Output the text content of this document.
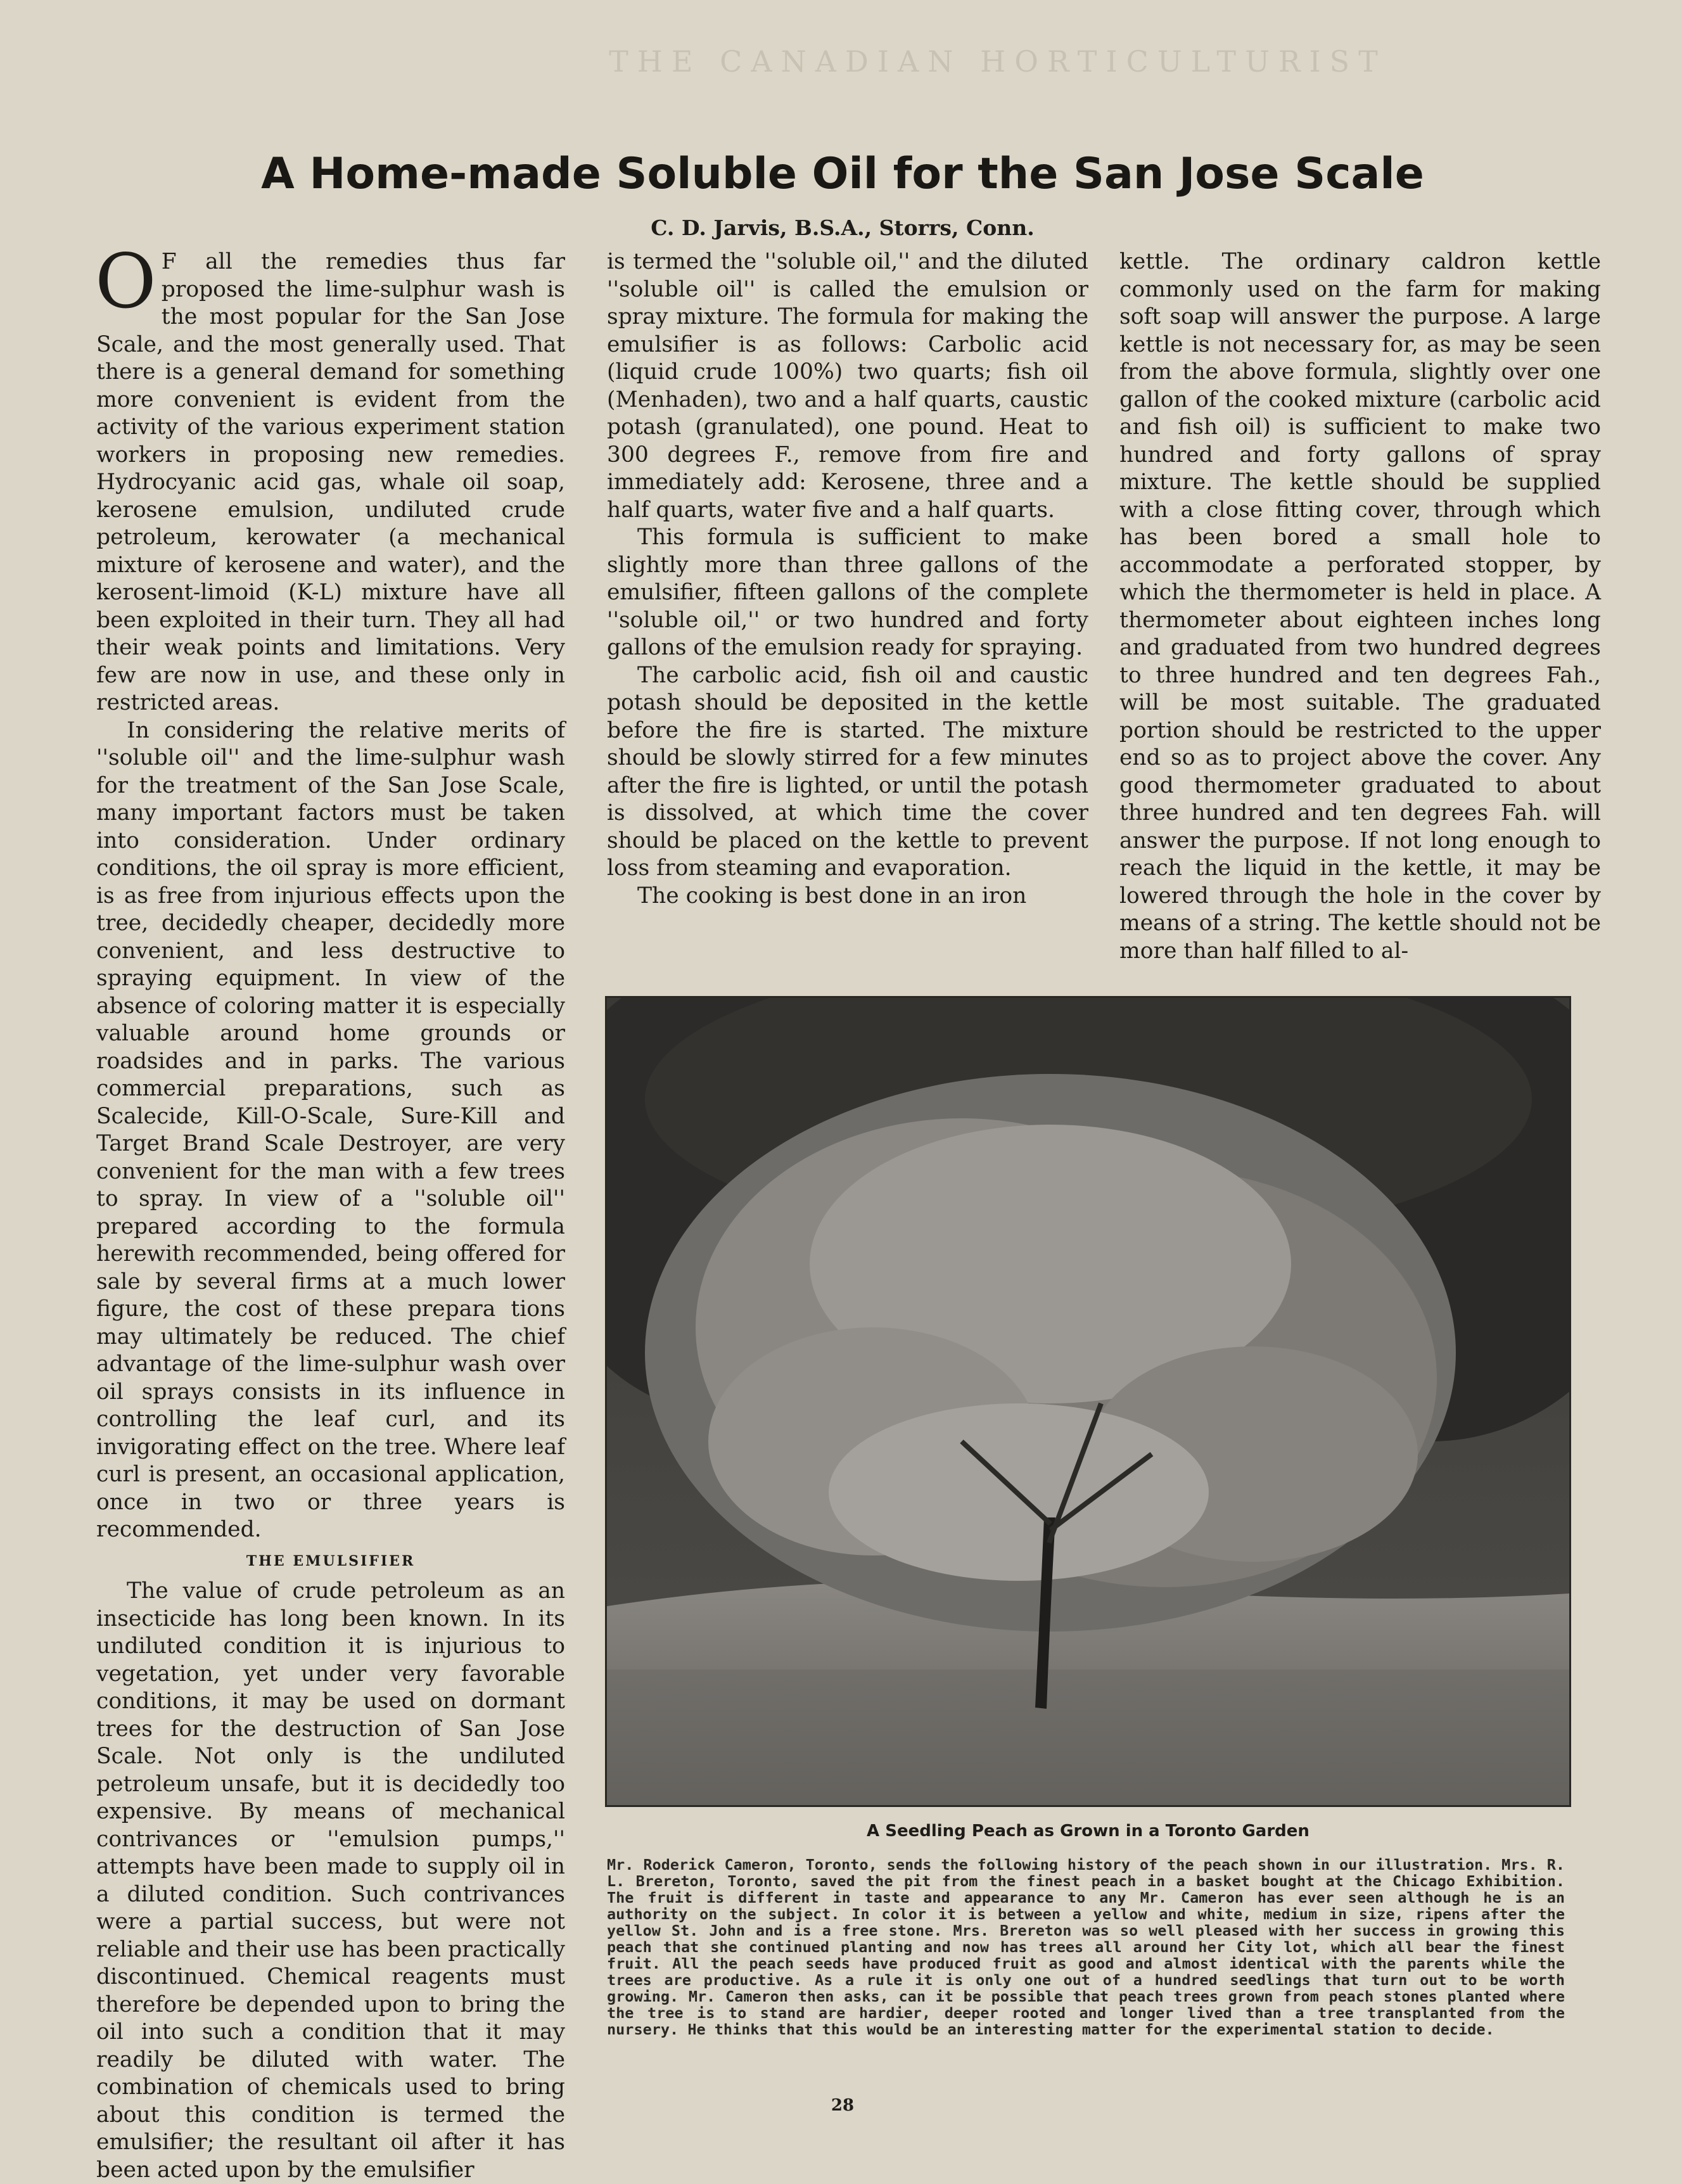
THE CANADIAN HORTICULTURIST
A Home-made Soluble Oil for the San Jose Scale
C. D. Jarvis, B.S.A., Storrs, Conn.

O F all the remedies thus far proposed the lime-sulphur wash is the most popular for the San Jose Scale, and the most generally used. That there is a general demand for something more convenient is evident from the activity of the various experiment station workers in proposing new remedies. Hydrocyanic acid gas, whale oil soap, kerosene emulsion, undiluted crude petroleum, kerowater (a mechanical mixture of kerosene and water), and the kerosent-limoid (K-L) mixture have all been exploited in their turn. They all had their weak points and limitations. Very few are now in use, and these only in restricted areas.

In considering the relative merits of ''soluble oil'' and the lime-sulphur wash for the treatment of the San Jose Scale, many important factors must be taken into consideration. Under ordinary conditions, the oil spray is more efficient, is as free from injurious effects upon the tree, decidedly cheaper, decidedly more convenient, and less destructive to spraying equipment. In view of the absence of coloring matter it is especially valuable around home grounds or roadsides and in parks. The various commercial preparations, such as Scalecide, Kill-O-Scale, Sure-Kill and Target Brand Scale Destroyer, are very convenient for the man with a few trees to spray. In view of a ''soluble oil'' prepared according to the formula herewith recommended, being offered for sale by several firms at a much lower figure, the cost of these prepara tions may ultimately be reduced. The chief advantage of the lime-sulphur wash over oil sprays consists in its influence in controlling the leaf curl, and its invigorating effect on the tree. Where leaf curl is present, an occasional application, once in two or three years is recommended.

THE EMULSIFIER

The value of crude petroleum as an insecticide has long been known. In its undiluted condition it is injurious to vegetation, yet under very favorable conditions, it may be used on dormant trees for the destruction of San Jose Scale. Not only is the undiluted petroleum unsafe, but it is decidedly too expensive. By means of mechanical contrivances or ''emulsion pumps,'' attempts have been made to supply oil in a diluted condition. Such contrivances were a partial success, but were not reliable and their use has been practically discontinued. Chemical reagents must therefore be depended upon to bring the oil into such a condition that it may readily be diluted with water. The combination of chemicals used to bring about this condition is termed the emulsifier; the resultant oil after it has been acted upon by the emulsifier

is termed the ''soluble oil,'' and the diluted ''soluble oil'' is called the emulsion or spray mixture. The formula for making the emulsifier is as follows: Carbolic acid (liquid crude 100%) two quarts; fish oil (Menhaden), two and a half quarts, caustic potash (granulated), one pound. Heat to 300 degrees F., remove from fire and immediately add: Kerosene, three and a half quarts, water five and a half quarts.

This formula is sufficient to make slightly more than three gallons of the emulsifier, fifteen gallons of the complete ''soluble oil,'' or two hundred and forty gallons of the emulsion ready for spraying.

The carbolic acid, fish oil and caustic potash should be deposited in the kettle before the fire is started. The mixture should be slowly stirred for a few minutes after the fire is lighted, or until the potash is dissolved, at which time the cover should be placed on the kettle to prevent loss from steaming and evaporation.

The cooking is best done in an iron

kettle. The ordinary caldron kettle commonly used on the farm for making soft soap will answer the purpose. A large kettle is not necessary for, as may be seen from the above formula, slightly over one gallon of the cooked mixture (carbolic acid and fish oil) is sufficient to make two hundred and forty gallons of spray mixture. The kettle should be supplied with a close fitting cover, through which has been bored a small hole to accommodate a perforated stopper, by which the thermometer is held in place. A thermometer about eighteen inches long and graduated from two hundred degrees to three hundred and ten degrees Fah., will be most suitable. The graduated portion should be restricted to the upper end so as to project above the cover. Any good thermometer graduated to about three hundred and ten degrees Fah. will answer the purpose. If not long enough to reach the liquid in the kettle, it may be lowered through the hole in the cover by means of a string. The kettle should not be more than half filled to al-

A Seedling Peach as Grown in a Toronto Garden
Mr. Roderick Cameron, Toronto, sends the following history of the peach shown in our illustration. Mrs. R. L. Brereton, Toronto, saved the pit from the finest peach in a basket bought at the Chicago Exhibition. The fruit is different in taste and appearance to any Mr. Cameron has ever seen although he is an authority on the subject. In color it is between a yellow and white, medium in size, ripens after the yellow St. John and is a free stone. Mrs. Brereton was so well pleased with her success in growing this peach that she continued planting and now has trees all around her City lot, which all bear the finest fruit. All the peach seeds have produced fruit as good and almost identical with the parents while the trees are productive. As a rule it is only one out of a hundred seedlings that turn out to be worth growing. Mr. Cameron then asks, can it be possible that peach trees grown from peach stones planted where the tree is to stand are hardier, deeper rooted and longer lived than a tree transplanted from the nursery. He thinks that this would be an interesting matter for the experimental station to decide.
28
